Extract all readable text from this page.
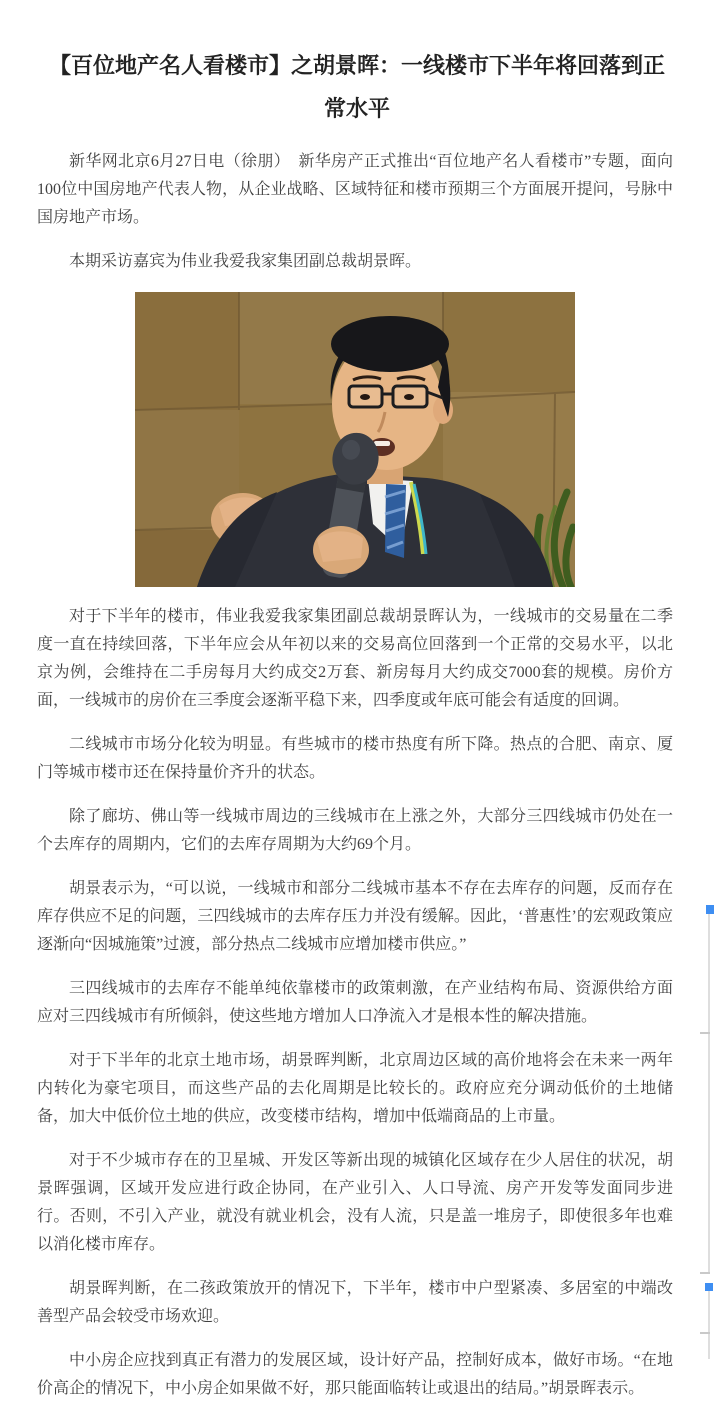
【百位地产名人看楼市】之胡景晖：一线楼市下半年将回落到正常水平

新华网北京6月27日电（徐朋）　新华房产正式推出“百位地产名人看楼市”专题，面向100位中国房地产代表人物，从企业战略、区域特征和楼市预期三个方面展开提问，号脉中国房地产市场。

本期采访嘉宾为伟业我爱我家集团副总裁胡景晖。

对于下半年的楼市，伟业我爱我家集团副总裁胡景晖认为，一线城市的交易量在二季度一直在持续回落，下半年应会从年初以来的交易高位回落到一个正常的交易水平，以北京为例，会维持在二手房每月大约成交2万套、新房每月大约成交7000套的规模。房价方面，一线城市的房价在三季度会逐渐平稳下来，四季度或年底可能会有适度的回调。

二线城市市场分化较为明显。有些城市的楼市热度有所下降。热点的合肥、南京、厦门等城市楼市还在保持量价齐升的状态。

除了廊坊、佛山等一线城市周边的三线城市在上涨之外，大部分三四线城市仍处在一个去库存的周期内，它们的去库存周期为大约69个月。

胡景表示为，“可以说，一线城市和部分二线城市基本不存在去库存的问题，反而存在库存供应不足的问题，三四线城市的去库存压力并没有缓解。因此，‘普惠性’的宏观政策应逐渐向“因城施策”过渡，部分热点二线城市应增加楼市供应。”

三四线城市的去库存不能单纯依靠楼市的政策刺激，在产业结构布局、资源供给方面应对三四线城市有所倾斜，使这些地方增加人口净流入才是根本性的解决措施。

对于下半年的北京土地市场，胡景晖判断，北京周边区域的高价地将会在未来一两年内转化为豪宅项目，而这些产品的去化周期是比较长的。政府应充分调动低价的土地储备，加大中低价位土地的供应，改变楼市结构，增加中低端商品的上市量。

对于不少城市存在的卫星城、开发区等新出现的城镇化区域存在少人居住的状况，胡景晖强调，区域开发应进行政企协同，在产业引入、人口导流、房产开发等发面同步进行。否则，不引入产业，就没有就业机会，没有人流，只是盖一堆房子，即使很多年也难以消化楼市库存。

胡景晖判断，在二孩政策放开的情况下，下半年，楼市中户型紧凑、多居室的中端改善型产品会较受市场欢迎。

中小房企应找到真正有潜力的发展区域，设计好产品，控制好成本，做好市场。“在地价高企的情况下，中小房企如果做不好，那只能面临转让或退出的结局。”胡景晖表示。
